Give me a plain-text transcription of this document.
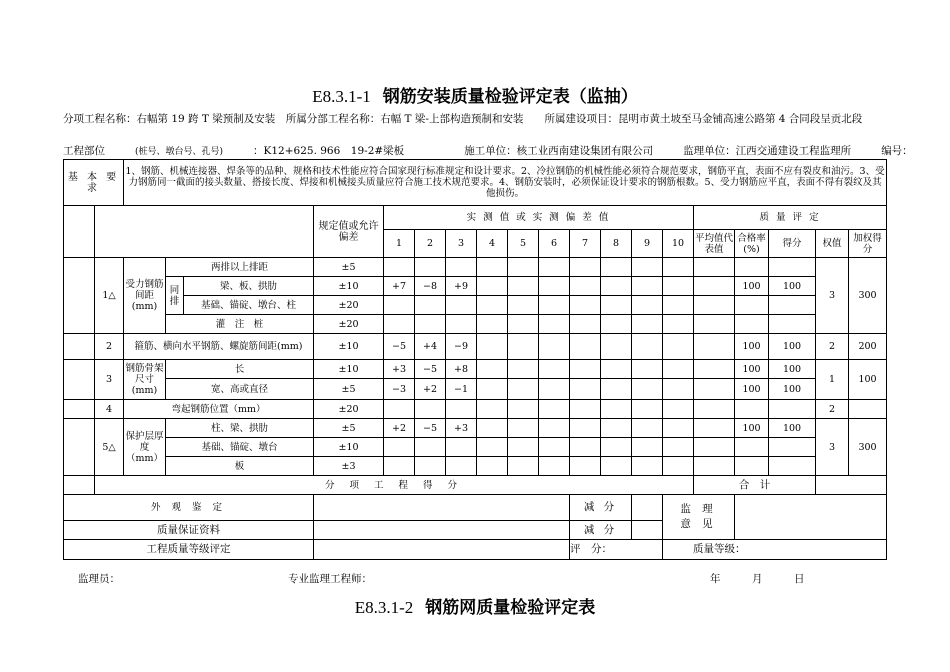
E8.3.1-1 钢筋安装质量检验评定表（监抽）
分项工程名称：右幅第 19 跨 T 梁预制及安装　所属分部工程名称：右幅 T 梁-上部构造预制和安装　　所属建设项目：昆明市黄土坡至马金铺高速公路第 4 合同段呈贡北段
工程部位	(桩号、墩台号、孔号)	：K12+625. 966　19-2#梁板	施工单位：核工业西南建设集团有限公司	监理单位：江西交通建设工程监理所	编号：
基 本 要 求		1、钢筋、机械连接器、焊条等的品种、规格和技术性能应符合国家现行标准规定和设计要求。2、冷拉钢筋的机械性能必须符合规范要求，钢筋平直，表面不应有裂皮和油污。3、受力钢筋同一截面的接头数量、搭接长度、焊接和机械接头质量应符合施工技术规范要求。4、钢筋安装时，必须保证设计要求的钢筋根数。5、受力钢筋应平直，表面不得有裂纹及其他损伤。																		
					规定值或允许偏差	实 测 值 或 实 测 偏 差 值										质 量 评 定				
						1	2	3	4	5	6	7	8	9	10	平均值代表值	合格率(%)	得分	权值	加权得分
	1△	受力钢筋间距(mm)	两排以上排距		±5														3	300
			同排	梁、板、拱肋	±10	+7	−8	+9									100	100		
				基础、锚碇、墩台、柱	±20															
			灌　注　桩		±20															
	2	箍筋、横向水平钢筋、螺旋筋间距(mm)			±10	−5	+4	−9									100	100	2	200
	3	钢筋骨架尺寸(mm)	长		±10	+3	−5	+8									100	100	1	100
			宽、高或直径		±5	−3	+2	−1									100	100		
	4	弯起钢筋位置（mm）			±20														2	
	5△	保护层厚度（mm）	柱、梁、拱肋		±5	+2	−5	+3									100	100	3	300
			基础、锚碇、墩台		±10															
			板		±3															
	分 项 工 程 得 分															合　计				
外 观 鉴 定												减 分			监 理 意 见					
质量保证资料												减 分								
工程质量等级评定												评　分：			质量等级：					
监理员：	专业监理工程师：	年　　　月　　　日
E8.3.1-2 钢筋网质量检验评定表
